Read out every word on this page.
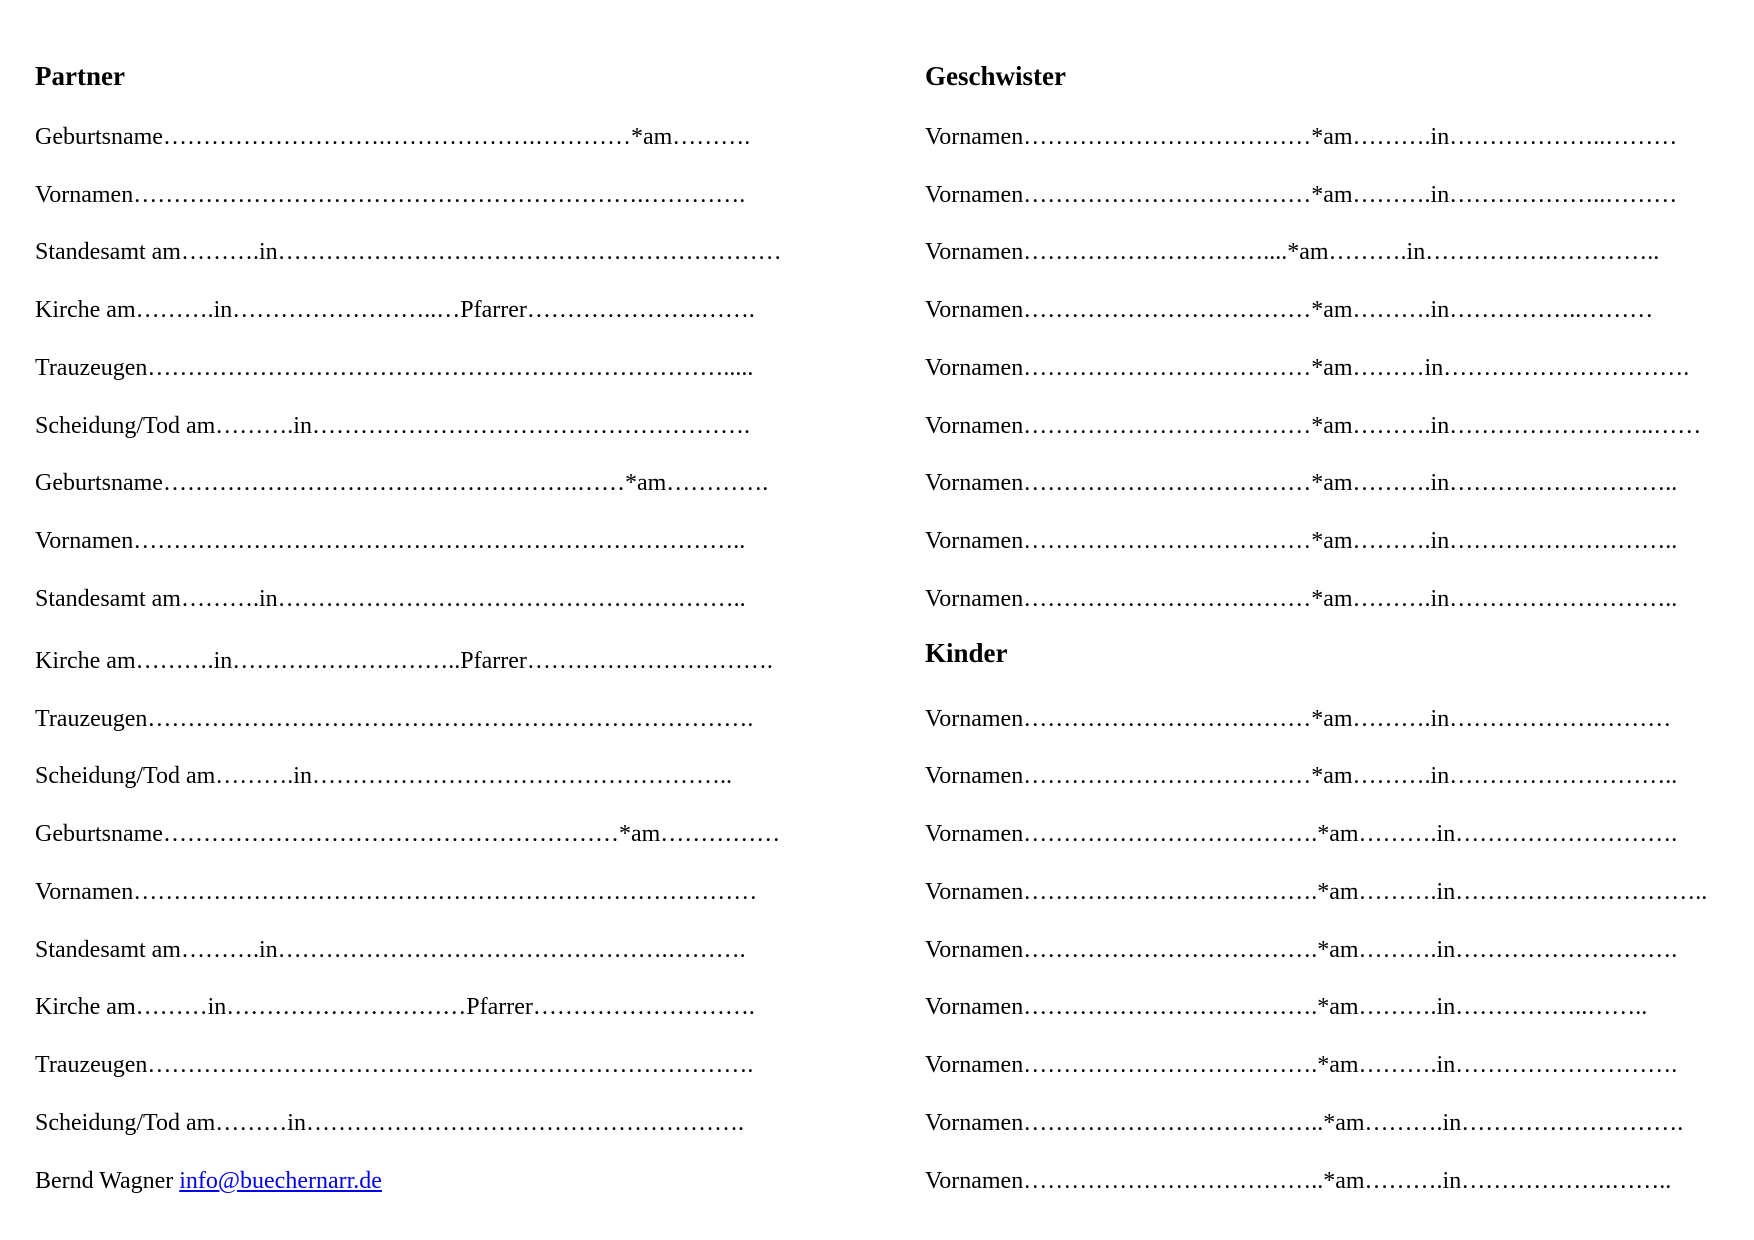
Partner
Geburtsname……………………….……………….…………*am……….
Vornamen……………………………………………………….………….
Standesamt am……….in………………………………………………………
Kirche am……….in……………………..…Pfarrer………………….…….
Trauzeugen……………………………………………………………….....
Scheidung/Tod am……….in……………………………………………….
Geburtsname…………………………………………….……*am………….
Vornamen…………………………………………………………………..
Standesamt am……….in…………………………………………………..
Kirche am……….in………………………..Pfarrer………………………….
Trauzeugen………………………………………………………………….
Scheidung/Tod am……….in……………………………………………..
Geburtsname…………………………………………………*am……………
Vornamen……………………………………………………………………
Standesamt am……….in………………………………………….……….
Kirche am………in…………………………Pfarrer……………………….
Trauzeugen………………………………………………………………….
Scheidung/Tod am………in……………………………………………….
Bernd Wagner info@buechernarr.de
Geschwister
Vornamen………………………………*am……….in………………..………
Vornamen………………………………*am……….in………………..………
Vornamen…………………………....*am……….in…………….…………..
Vornamen………………………………*am……….in……………..………
Vornamen………………………………*am………in………………………….
Vornamen………………………………*am……….in……………………..……
Vornamen………………………………*am……….in………………………..
Vornamen………………………………*am……….in………………………..
Vornamen………………………………*am……….in………………………..
Kinder
Vornamen………………………………*am……….in……………….………
Vornamen………………………………*am……….in………………………..
Vornamen……………………………….*am……….in……………………….
Vornamen……………………………….*am……….in…………………………..
Vornamen……………………………….*am……….in……………………….
Vornamen……………………………….*am……….in……………..……..
Vornamen……………………………….*am……….in……………………….
Vornamen………………………………..*am……….in……………………….
Vornamen………………………………..*am……….in……………….……..
